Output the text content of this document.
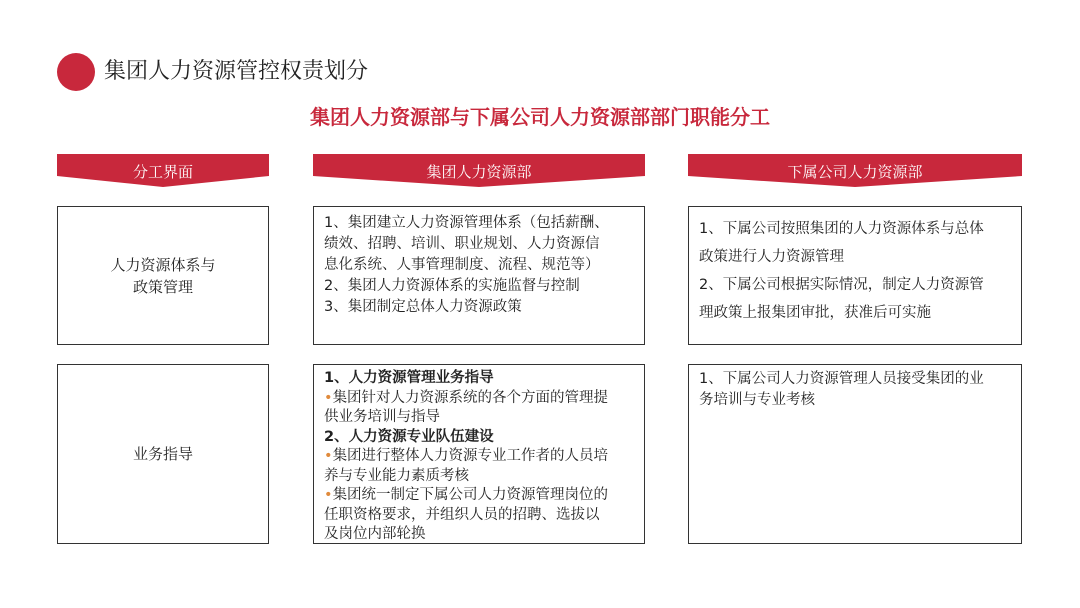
集团人力资源管控权责划分
集团人力资源部与下属公司人力资源部部门职能分工
分工界面	集团人力资源部	下属公司人力资源部
人力资源体系与
政策管理

1、集团建立人力资源管理体系（包括薪酬、

绩效、招聘、培训、职业规划、人力资源信

息化系统、人事管理制度、流程、规范等）

2、集团人力资源体系的实施监督与控制

3、集团制定总体人力资源政策

1、下属公司按照集团的人力资源体系与总体

政策进行人力资源管理

2、下属公司根据实际情况，制定人力资源管

理政策上报集团审批，获准后可实施

业务指导

1、人力资源管理业务指导

•集团针对人力资源系统的各个方面的管理提

供业务培训与指导

2、人力资源专业队伍建设

•集团进行整体人力资源专业工作者的人员培

养与专业能力素质考核

•集团统一制定下属公司人力资源管理岗位的

任职资格要求，并组织人员的招聘、选拔以

及岗位内部轮换

1、下属公司人力资源管理人员接受集团的业

务培训与专业考核
